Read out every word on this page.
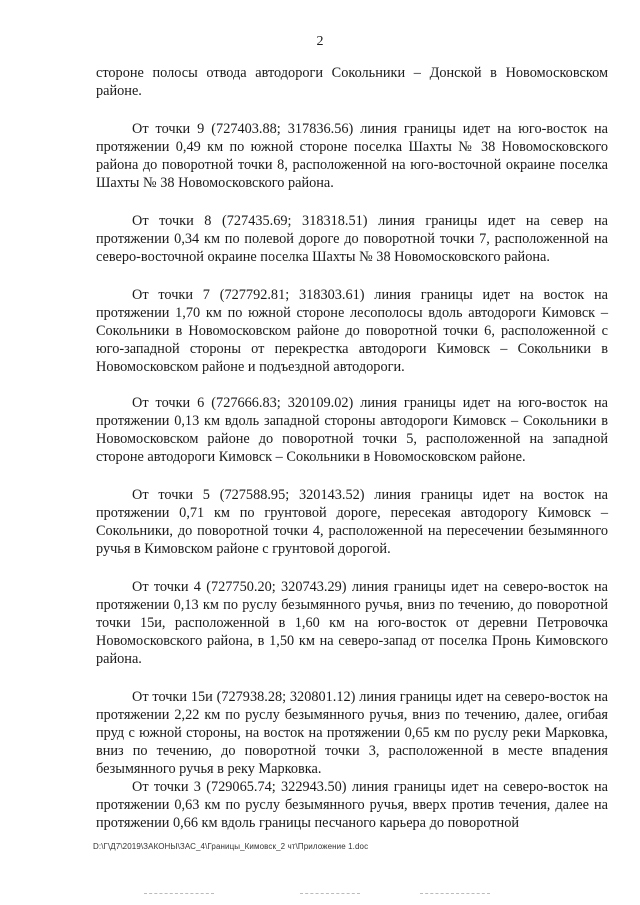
2

стороне полосы отвода автодороги Сокольники – Донской в Новомосковском районе.

От точки 9 (727403.88; 317836.56) линия границы идет на юго-восток на протяжении 0,49 км по южной стороне поселка Шахты № 38 Новомосковского района до поворотной точки 8, расположенной на юго-восточной окраине поселка Шахты № 38 Новомосковского района.

От точки 8 (727435.69; 318318.51) линия границы идет на север на протяжении 0,34 км по полевой дороге до поворотной точки 7, расположенной на северо-восточной окраине поселка Шахты № 38 Новомосковского района.

От точки 7 (727792.81; 318303.61) линия границы идет на восток на протяжении 1,70 км по южной стороне лесополосы вдоль автодороги Кимовск – Сокольники в Новомосковском районе до поворотной точки 6, расположенной с юго-западной стороны от перекрестка автодороги Кимовск – Сокольники в Новомосковском районе и подъездной автодороги.

От точки 6 (727666.83; 320109.02) линия границы идет на юго-восток на протяжении 0,13 км вдоль западной стороны автодороги Кимовск – Сокольники в Новомосковском районе до поворотной точки 5, расположенной на западной стороне автодороги Кимовск – Сокольники в Новомосковском районе.

От точки 5 (727588.95; 320143.52) линия границы идет на восток на протяжении 0,71 км по грунтовой дороге, пересекая автодорогу Кимовск – Сокольники, до поворотной точки 4, расположенной на пересечении безымянного ручья в Кимовском районе с грунтовой дорогой.

От точки 4 (727750.20; 320743.29) линия границы идет на северо-восток на протяжении 0,13 км по руслу безымянного ручья, вниз по течению, до поворотной точки 15и, расположенной в 1,60 км на юго-восток от деревни Петровочка Новомосковского района, в 1,50 км на северо-запад от поселка Пронь Кимовского района.

От точки 15и (727938.28; 320801.12) линия границы идет на северо-восток на протяжении 2,22 км по руслу безымянного ручья, вниз по течению, далее, огибая пруд с южной стороны, на восток на протяжении 0,65 км по руслу реки Марковка, вниз по течению, до поворотной точки 3, расположенной в месте впадения безымянного ручья в реку Марковка.

От точки 3 (729065.74; 322943.50) линия границы идет на северо-восток на протяжении 0,63 км по руслу безымянного ручья, вверх против течения, далее на протяжении 0,66 км вдоль границы песчаного карьера до поворотной

D:\Г\Д7\2019\ЗАКОНЫ\ЗАС_4\Границы_Кимовск_2 чт\Приложение 1.doc
